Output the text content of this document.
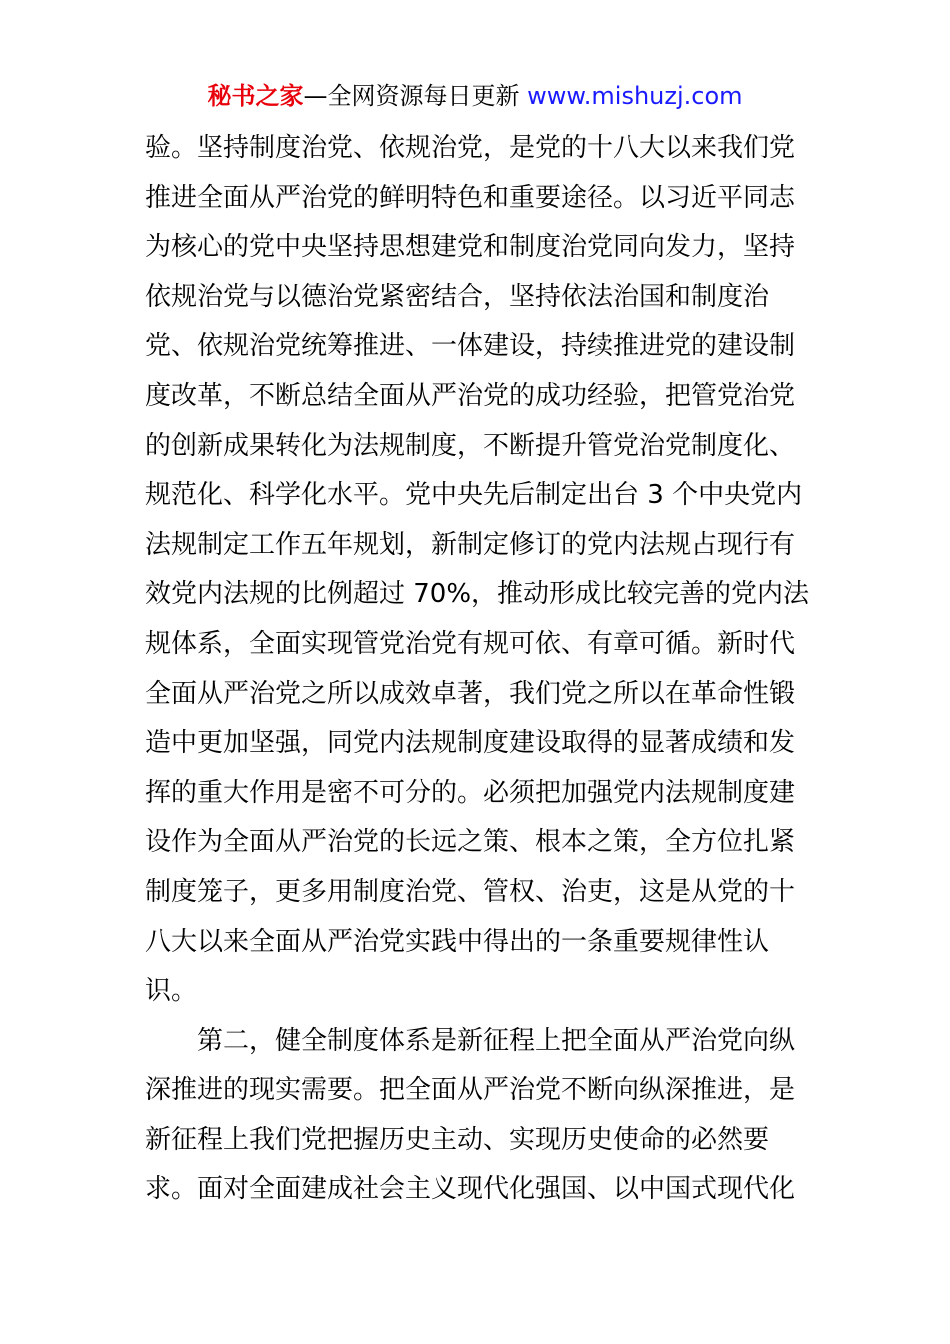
秘书之家—全网资源每日更新 www.mishuzj.com
验。坚持制度治党、依规治党，是党的十八大以来我们党
推进全面从严治党的鲜明特色和重要途径。以习近平同志
为核心的党中央坚持思想建党和制度治党同向发力，坚持
依规治党与以德治党紧密结合，坚持依法治国和制度治
党、依规治党统筹推进、一体建设，持续推进党的建设制
度改革，不断总结全面从严治党的成功经验，把管党治党
的创新成果转化为法规制度，不断提升管党治党制度化、
规范化、科学化水平。党中央先后制定出台 3 个中央党内
法规制定工作五年规划，新制定修订的党内法规占现行有
效党内法规的比例超过 70%，推动形成比较完善的党内法
规体系，全面实现管党治党有规可依、有章可循。新时代
全面从严治党之所以成效卓著，我们党之所以在革命性锻
造中更加坚强，同党内法规制度建设取得的显著成绩和发
挥的重大作用是密不可分的。必须把加强党内法规制度建
设作为全面从严治党的长远之策、根本之策，全方位扎紧
制度笼子，更多用制度治党、管权、治吏，这是从党的十
八大以来全面从严治党实践中得出的一条重要规律性认
识。
第二，健全制度体系是新征程上把全面从严治党向纵
深推进的现实需要。把全面从严治党不断向纵深推进，是
新征程上我们党把握历史主动、实现历史使命的必然要
求。面对全面建成社会主义现代化强国、以中国式现代化
